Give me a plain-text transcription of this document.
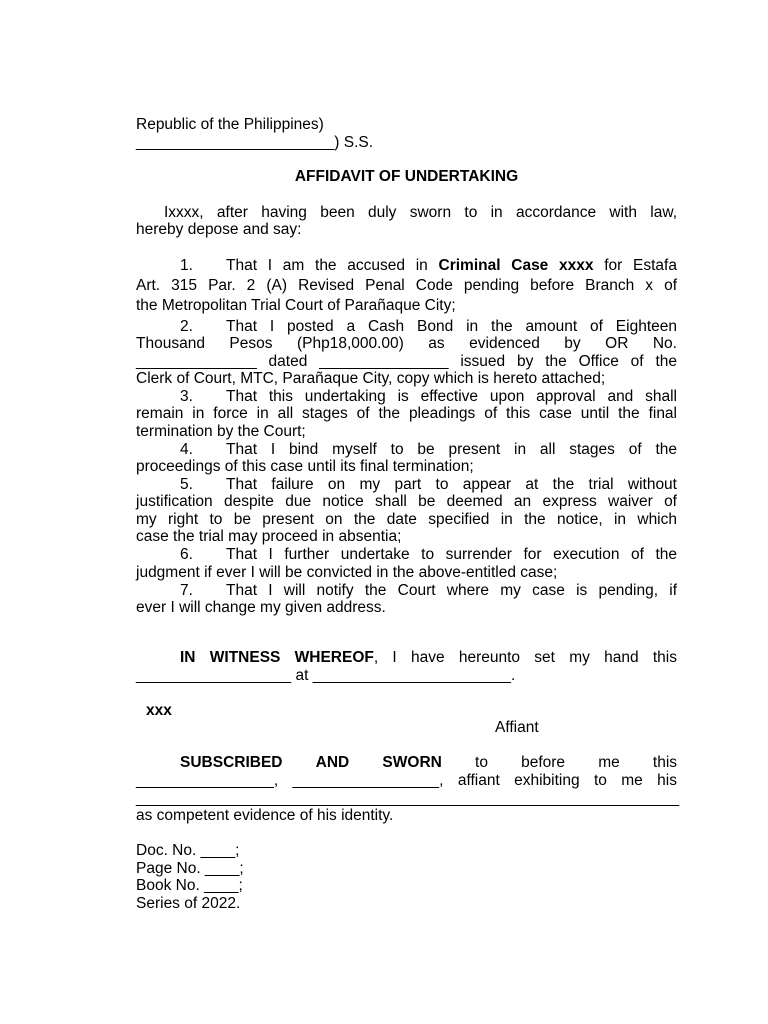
Republic of the Philippines)
_______________________) S.S.
AFFIDAVIT OF UNDERTAKING
Ixxxx, after having been duly sworn to in accordance with law,
hereby depose and say:
1. That I am the accused in Criminal Case xxxx for Estafa
Art. 315 Par. 2 (A) Revised Penal Code pending before Branch x of
the Metropolitan Trial Court of Parañaque City;
2. That I posted a Cash Bond in the amount of Eighteen
Thousand Pesos (Php18,000.00) as evidenced by OR No.
______________ dated _______________ issued by the Office of the
Clerk of Court, MTC, Parañaque City, copy which is hereto attached;
3. That this undertaking is effective upon approval and shall
remain in force in all stages of the pleadings of this case until the final
termination by the Court;
4. That I bind myself to be present in all stages of the
proceedings of this case until its final termination;
5. That failure on my part to appear at the trial without
justification despite due notice shall be deemed an express waiver of
my right to be present on the date specified in the notice, in which
case the trial may proceed in absentia;
6. That I further undertake to surrender for execution of the
judgment if ever I will be convicted in the above-entitled case;
7. That I will notify the Court where my case is pending, if
ever I will change my given address.
IN WITNESS WHEREOF, I have hereunto set my hand this
__________________ at _______________________.
xxx
Affiant
SUBSCRIBED AND SWORN to before me this
________________, _________________, affiant exhibiting to me his
_______________________________________________________________
as competent evidence of his identity.
Doc. No. ____;
Page No. ____;
Book No. ____;
Series of 2022.
